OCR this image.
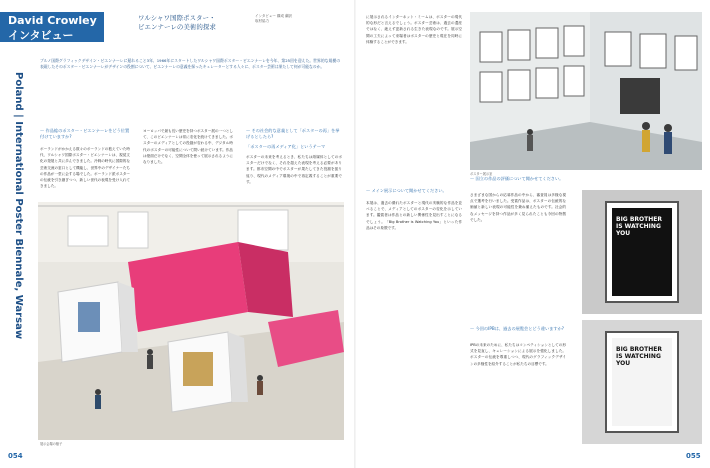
David Crowley
インタビュー
ワルシャワ国際ポスター・
ビエンナーレの美術的探求
インタビュー 構成 翻訳
取材協力
Poland | International Poster Biennale, Warsaw
ブルノ国際グラフィックデザイン・ビエンナーレに遅れること3年、1966年にスタートしたワルシャワ国際ポスター・ビエンナーレを今年、第25回を迎えた。世界的な規模の表現したそのポスター・ビエンナーレがデザインの役割について、ビエンナーレの意義を探ったキュレーターとする人々に、ポスター芸術は果たして何が可能なのか。
ー 作品総のポスター・ビエンナーレをどう位置付けていますか?
ポーランドがかかえる数々のポーランドの抱えていた時代、ワルシャワ国際ポスター・ビエンナーレは、視覚文化の発展と共に歩んできました。冷戦の時代に国際的な芸術交流の窓口として機能し、世界中のデザイナーたちの作品が一堂に会する場でした。ポーランド派ポスターの伝統を引き継ぎつつ、新しい世代の表現を受け入れてきました。
ヨーロッパで最も長い歴史を持つポスター展の一つとして、このビエンナーレは常に変化を続けてきました。ポスターのメディアとしての役割が変わる中、デジタル時代のポスターの可能性について問い続けています。作品は壁面だけでなく、空間全体を使って展示されるようになりました。
ー その社会的な意義として「ポスターの再」を挙げるとしたら?
「ポスターの再メディア化」というテーマ
ポスターの未来を考えるとき、私たちは紙媒体としてのポスターだけでなく、それを超えた表現を考える必要があります。都市空間の中でポスターが果たしてきた役割を振り返り、現代のメディア環境の中で再定義することが重要です。
展示会場の様子
054
に展示されるインターネット・ミームは、ポスターの現代的な形だと言えるでしょう。ポスター芸術は、過去の遺産ではなく、絶えず更新される生きた表現なのです。展示空間の工夫によって来場者はポスターの歴史と現在を同時に体験することができます。
ポスター展示室
ー メイン展示について聞かせてください。
本展は、過去の優れたポスターと現代の実験的な作品を並べることで、メディアとしてのポスターの変化を示しています。鑑賞者は作品との新しい関係性を見出すことになるでしょう。「Big Brother is Watching You」といった作品はその象徴です。
ー 国立の作品の評価について聞かせてください。
さまざまな国からの応募作品の中から、審査員は多様な視点で選考を行いました。受賞作品は、ポスターの伝統的な価値と新しい表現の可能性を兼ね備えたものです。社会的なメッセージを持つ作品が多く見られたことも今回の特徴でした。
ー 今回のIPBは、過去の展覧会とどう違いますか?
IPBの未来のために、私たちはコンペティションとしての形式を見直し、キュレーションによる展示を強化しました。ポスターの伝統を尊重しつつ、現代のグラフィックデザインの多様性を紹介することが私たちの目標です。
BIG BROTHER IS WATCHING YOU
BIG BROTHER IS WATCHING YOU
055
